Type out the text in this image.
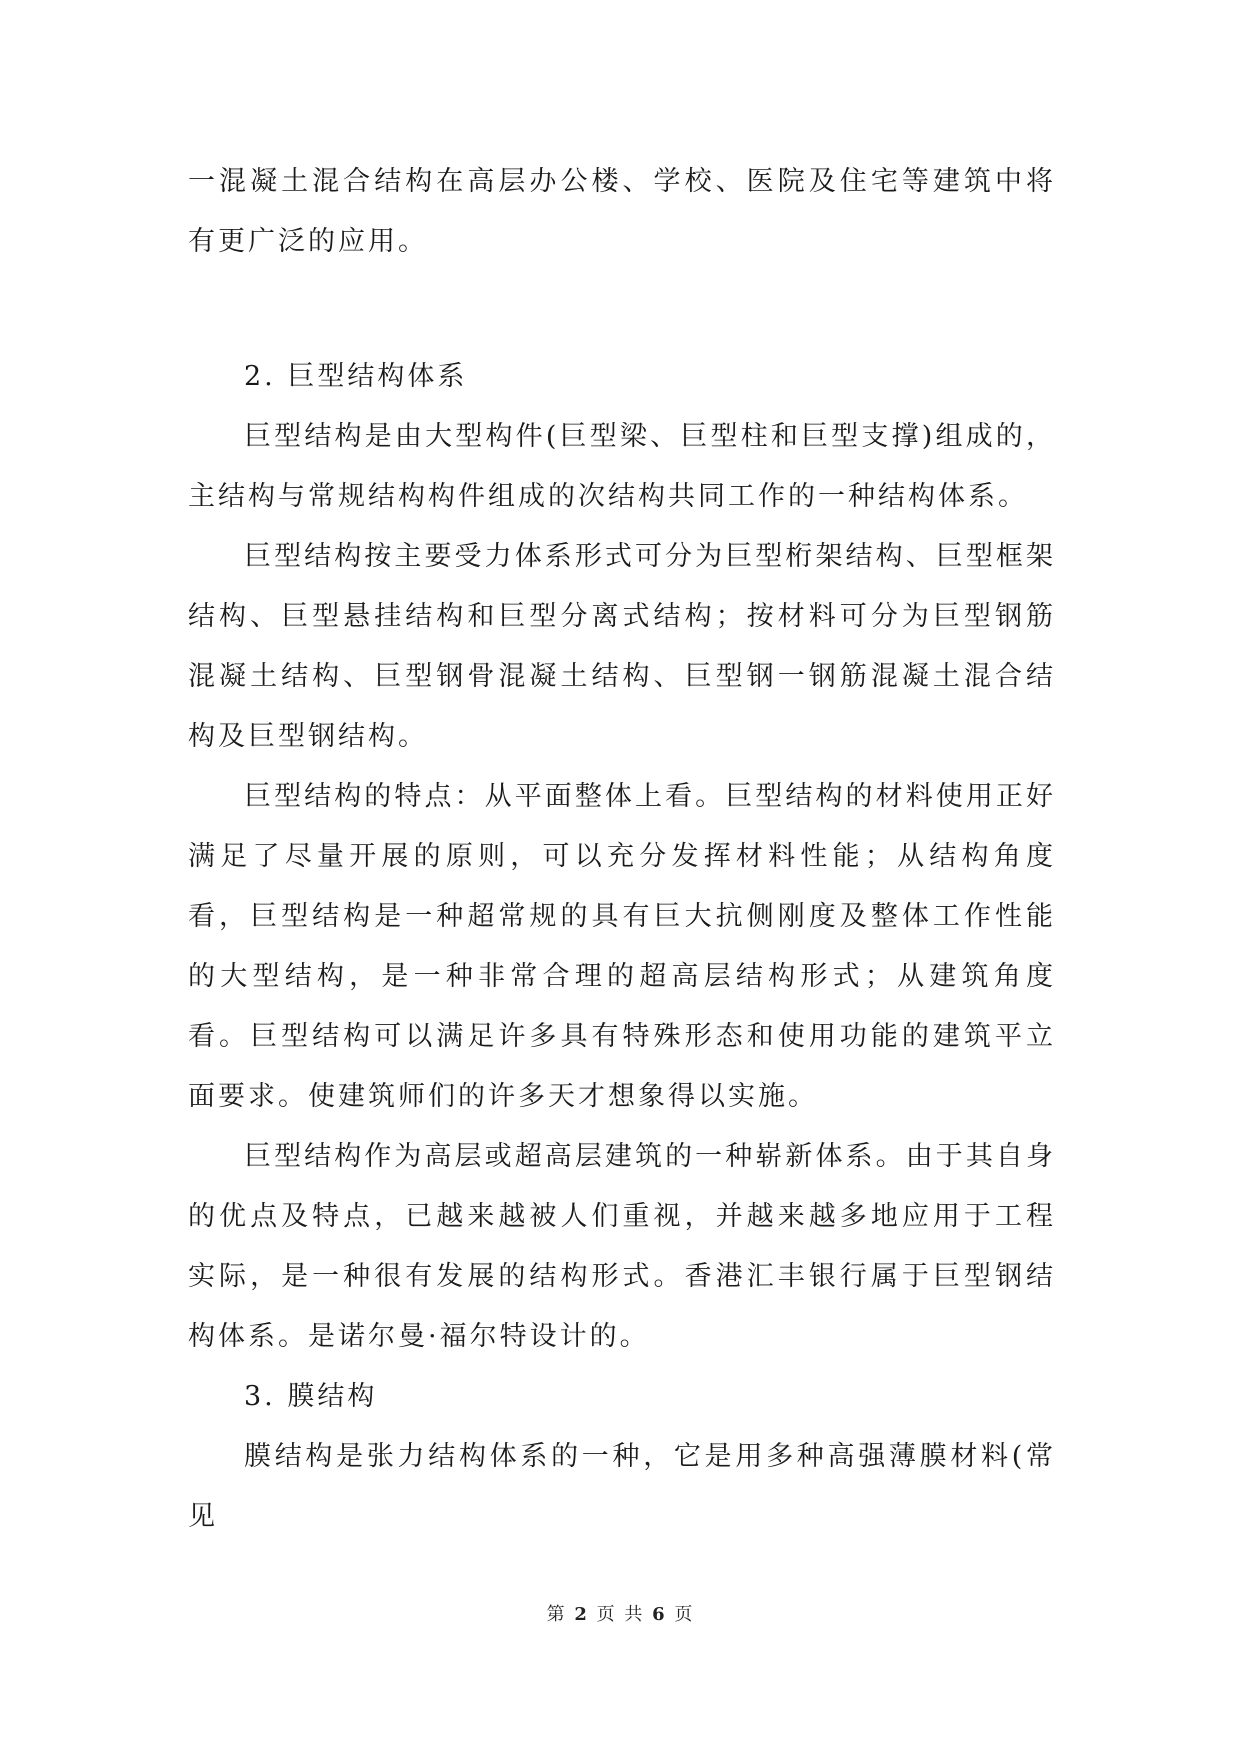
一混凝土混合结构在高层办公楼、学校、医院及住宅等建筑中将有更广泛的应用。

2. 巨型结构体系

巨型结构是由大型构件(巨型梁、巨型柱和巨型支撑)组成的，主结构与常规结构构件组成的次结构共同工作的一种结构体系。

巨型结构按主要受力体系形式可分为巨型桁架结构、巨型框架结构、巨型悬挂结构和巨型分离式结构；按材料可分为巨型钢筋混凝土结构、巨型钢骨混凝土结构、巨型钢一钢筋混凝土混合结构及巨型钢结构。

巨型结构的特点：从平面整体上看。巨型结构的材料使用正好满足了尽量开展的原则，可以充分发挥材料性能；从结构角度看，巨型结构是一种超常规的具有巨大抗侧刚度及整体工作性能的大型结构，是一种非常合理的超高层结构形式；从建筑角度看。巨型结构可以满足许多具有特殊形态和使用功能的建筑平立面要求。使建筑师们的许多天才想象得以实施。

巨型结构作为高层或超高层建筑的一种崭新体系。由于其自身的优点及特点，已越来越被人们重视，并越来越多地应用于工程实际，是一种很有发展的结构形式。香港汇丰银行属于巨型钢结构体系。是诺尔曼·福尔特设计的。

3. 膜结构

膜结构是张力结构体系的一种，它是用多种高强薄膜材料(常见

第 2 页 共 6 页
